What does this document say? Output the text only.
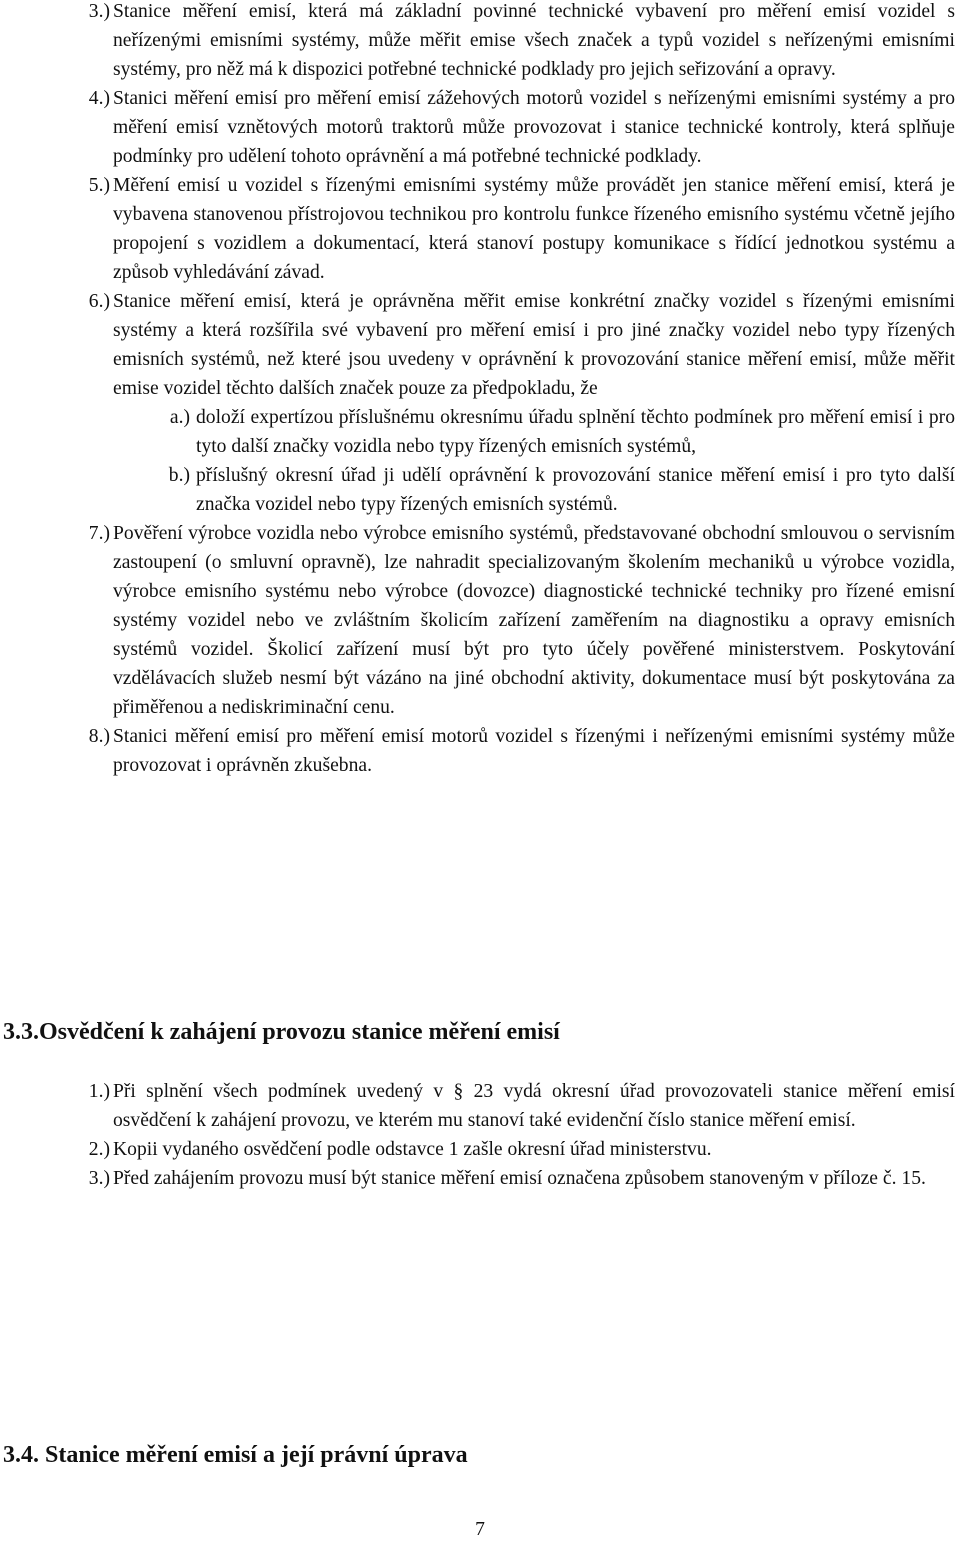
3.) Stanice měření emisí, která má základní povinné technické vybavení pro měření emisí vozidel s neřízenými emisními systémy, může měřit emise všech značek a typů vozidel s neřízenými emisními systémy, pro něž má k dispozici potřebné technické podklady pro jejich seřizování a opravy.
4.) Stanici měření emisí pro měření emisí zážehových motorů vozidel s neřízenými emisními systémy a pro měření emisí vznětových motorů traktorů může provozovat i stanice technické kontroly, která splňuje podmínky pro udělení tohoto oprávnění a má potřebné technické podklady.
5.) Měření emisí u vozidel s řízenými emisními systémy může provádět jen stanice měření emisí, která je vybavena stanovenou přístrojovou technikou pro kontrolu funkce řízeného emisního systému včetně jejího propojení s vozidlem a dokumentací, která stanoví postupy komunikace s řídící jednotkou systému a způsob vyhledávání závad.
6.) Stanice měření emisí, která je oprávněna měřit emise konkrétní značky vozidel s řízenými emisními systémy a která rozšířila své vybavení pro měření emisí i pro jiné značky vozidel nebo typy řízených emisních systémů, než které jsou uvedeny v oprávnění k provozování stanice měření emisí, může měřit emise vozidel těchto dalších značek pouze za předpokladu, že
a.) doloží expertízou příslušnému okresnímu úřadu splnění těchto podmínek pro měření emisí i pro tyto další značky vozidla nebo typy řízených emisních systémů,
b.) příslušný okresní úřad ji udělí oprávnění k provozování stanice měření emisí i pro tyto další značka vozidel nebo typy řízených emisních systémů.
7.) Pověření výrobce vozidla nebo výrobce emisního systémů, představované obchodní smlouvou o servisním zastoupení (o smluvní opravně), lze nahradit specializovaným školením mechaniků u výrobce vozidla, výrobce emisního systému nebo výrobce (dovozce) diagnostické technické techniky pro řízené emisní systémy vozidel nebo ve zvláštním školicím zařízení zaměřením na diagnostiku a opravy emisních systémů vozidel. Školicí zařízení musí být pro tyto účely pověřené ministerstvem. Poskytování vzdělávacích služeb nesmí být vázáno na jiné obchodní aktivity, dokumentace musí být poskytována za přiměřenou a nediskriminační cenu.
8.) Stanici měření emisí pro měření emisí motorů vozidel s řízenými i neřízenými emisními systémy může provozovat i oprávněn zkušebna.
3.3.Osvědčení k zahájení provozu stanice měření emisí
1.) Při splnění všech podmínek uvedený v § 23 vydá okresní úřad provozovateli stanice měření emisí osvědčení k zahájení provozu, ve kterém mu stanoví také evidenční číslo stanice měření emisí.
2.) Kopii vydaného osvědčení podle odstavce 1 zašle okresní úřad ministerstvu.
3.) Před zahájením provozu musí být stanice měření emisí označena způsobem stanoveným v příloze č. 15.
3.4. Stanice měření emisí a její právní úprava
7
